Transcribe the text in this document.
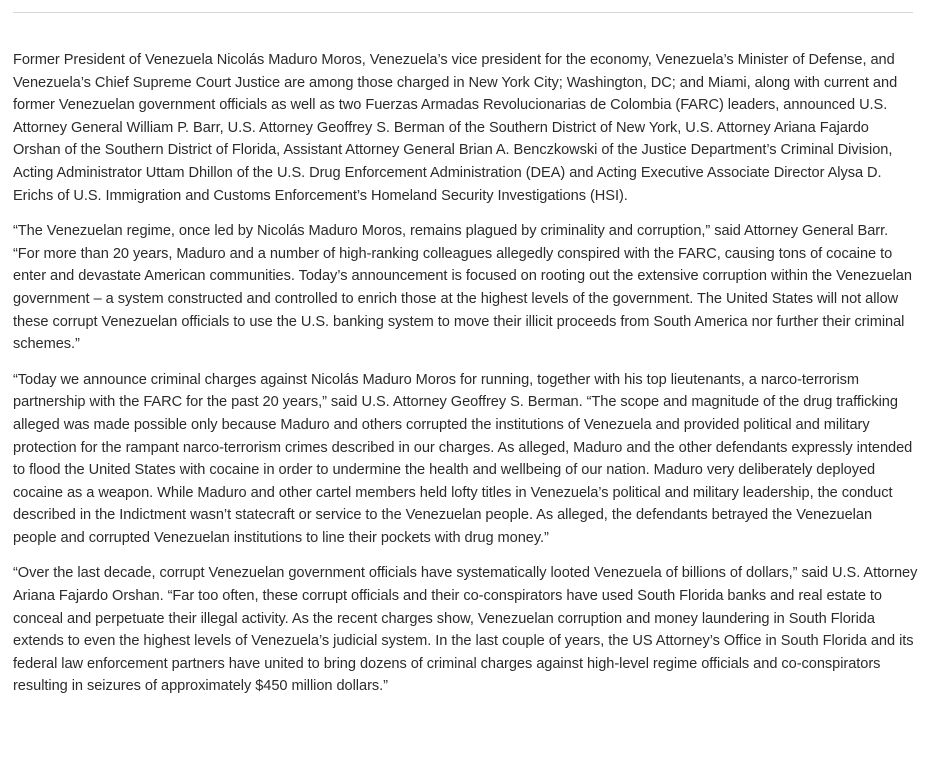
Former President of Venezuela Nicolás Maduro Moros, Venezuela’s vice president for the economy, Venezuela’s Minister of Defense, and Venezuela’s Chief Supreme Court Justice are among those charged in New York City; Washington, DC; and Miami, along with current and former Venezuelan government officials as well as two Fuerzas Armadas Revolucionarias de Colombia (FARC) leaders, announced U.S. Attorney General William P. Barr, U.S. Attorney Geoffrey S. Berman of the Southern District of New York, U.S. Attorney Ariana Fajardo Orshan of the Southern District of Florida, Assistant Attorney General Brian A. Benczkowski of the Justice Department’s Criminal Division, Acting Administrator Uttam Dhillon of the U.S. Drug Enforcement Administration (DEA) and Acting Executive Associate Director Alysa D. Erichs of U.S. Immigration and Customs Enforcement’s Homeland Security Investigations (HSI).

“The Venezuelan regime, once led by Nicolás Maduro Moros, remains plagued by criminality and corruption,” said Attorney General Barr. “For more than 20 years, Maduro and a number of high-ranking colleagues allegedly conspired with the FARC, causing tons of cocaine to enter and devastate American communities. Today’s announcement is focused on rooting out the extensive corruption within the Venezuelan government – a system constructed and controlled to enrich those at the highest levels of the government. The United States will not allow these corrupt Venezuelan officials to use the U.S. banking system to move their illicit proceeds from South America nor further their criminal schemes.”

“Today we announce criminal charges against Nicolás Maduro Moros for running, together with his top lieutenants, a narco-terrorism partnership with the FARC for the past 20 years,” said U.S. Attorney Geoffrey S. Berman. “The scope and magnitude of the drug trafficking alleged was made possible only because Maduro and others corrupted the institutions of Venezuela and provided political and military protection for the rampant narco-terrorism crimes described in our charges. As alleged, Maduro and the other defendants expressly intended to flood the United States with cocaine in order to undermine the health and wellbeing of our nation. Maduro very deliberately deployed cocaine as a weapon. While Maduro and other cartel members held lofty titles in Venezuela’s political and military leadership, the conduct described in the Indictment wasn’t statecraft or service to the Venezuelan people. As alleged, the defendants betrayed the Venezuelan people and corrupted Venezuelan institutions to line their pockets with drug money.”

“Over the last decade, corrupt Venezuelan government officials have systematically looted Venezuela of billions of dollars,” said U.S. Attorney Ariana Fajardo Orshan. “Far too often, these corrupt officials and their co-conspirators have used South Florida banks and real estate to conceal and perpetuate their illegal activity. As the recent charges show, Venezuelan corruption and money laundering in South Florida extends to even the highest levels of Venezuela’s judicial system. In the last couple of years, the US Attorney’s Office in South Florida and its federal law enforcement partners have united to bring dozens of criminal charges against high-level regime officials and co-conspirators resulting in seizures of approximately $450 million dollars.”
